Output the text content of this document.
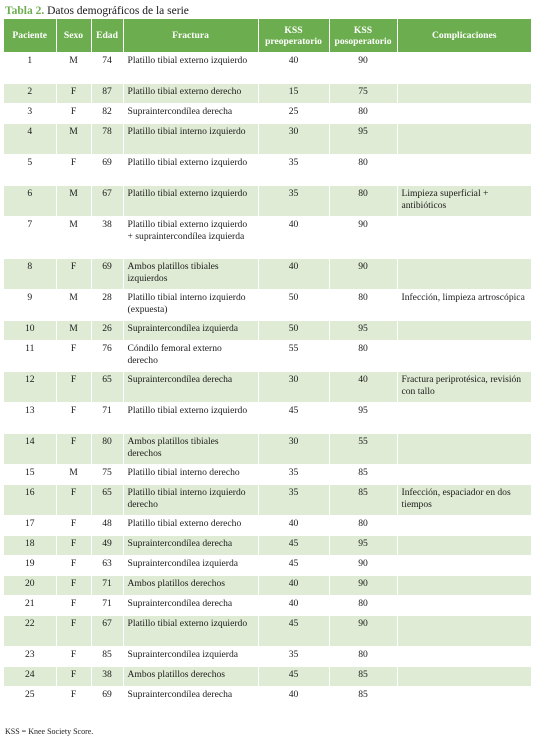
Tabla 2. Datos demográficos de la serie
Paciente	Sexo	Edad	Fractura	KSS preoperatorio	KSS posoperatorio	Complicaciones
1	M	74	Platillo tibial externo izquierdo	40	90	
2	F	87	Platillo tibial externo derecho	15	75	
3	F	82	Supraintercondílea derecha	25	80	
4	M	78	Platillo tibial interno izquierdo	30	95	
5	F	69	Platillo tibial externo izquierdo	35	80	
6	M	67	Platillo tibial externo izquierdo	35	80	Limpieza superficial + antibióticos
7	M	38	Platillo tibial externo izquierdo + supraintercondílea izquierda	40	90	
8	F	69	Ambos platillos tibiales izquierdos	40	90	
9	M	28	Platillo tibial interno izquierdo (expuesta)	50	80	Infección, limpieza artroscópica
10	M	26	Supraintercondílea izquierda	50	95	
11	F	76	Cóndilo femoral externo derecho	55	80	
12	F	65	Supraintercondílea derecha	30	40	Fractura periprotésica, revisión con tallo
13	F	71	Platillo tibial externo izquierdo	45	95	
14	F	80	Ambos platillos tibiales derechos	30	55	
15	M	75	Platillo tibial interno derecho	35	85	
16	F	65	Platillo tibial interno izquierdo derecho	35	85	Infección, espaciador en dos tiempos
17	F	48	Platillo tibial externo derecho	40	80	
18	F	49	Supraintercondílea derecha	45	95	
19	F	63	Supraintercondílea izquierda	45	90	
20	F	71	Ambos platillos derechos	40	90	
21	F	71	Supraintercondílea derecha	40	80	
22	F	67	Platillo tibial externo izquierdo	45	90	
23	F	85	Supraintercondílea izquierda	35	80	
24	F	38	Ambos platillos derechos	45	85	
25	F	69	Supraintercondílea derecha	40	85	
KSS = Knee Society Score.
